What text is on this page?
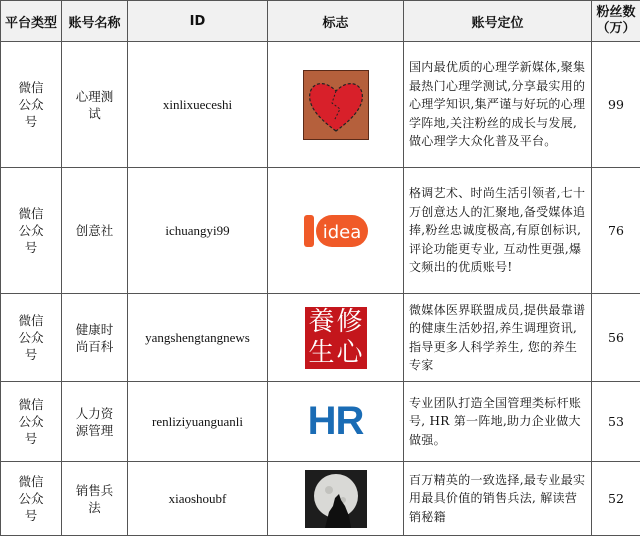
平台类型	账号名称	ID	标志	账号定位	粉丝数
（万）
微信
公众
号	心理测
试	xinlixueceshi		国内最优质的心理学新媒体,聚集最热门心理学测试,分享最实用的心理学知识,集严谨与好玩的心理学阵地,关注粉丝的成长与发展,做心理学大众化普及平台。	99
微信
公众
号	创意社	ichuangyi99	idea	格调艺术、时尚生活引领者,七十万创意达人的汇聚地,备受媒体追捧,粉丝忠诚度极高,有原创标识,评论功能更专业, 互动性更强,爆文频出的优质账号!	76
微信
公众
号	健康时
尚百科	yangshengtangnews	養 修
生 心	微媒体医界联盟成员,提供最靠谱的健康生活妙招,养生调理资讯,指导更多人科学养生, 您的养生专家	56
微信
公众
号	人力资
源管理	renliziyuanguanli	HR	专业团队打造全国管理类标杆账号, HR 第一阵地,助力企业做大做强。	53
微信
公众
号	销售兵
法	xiaoshoubf		百万精英的一致选择,最专业最实用最具价值的销售兵法, 解读营销秘籍	52
